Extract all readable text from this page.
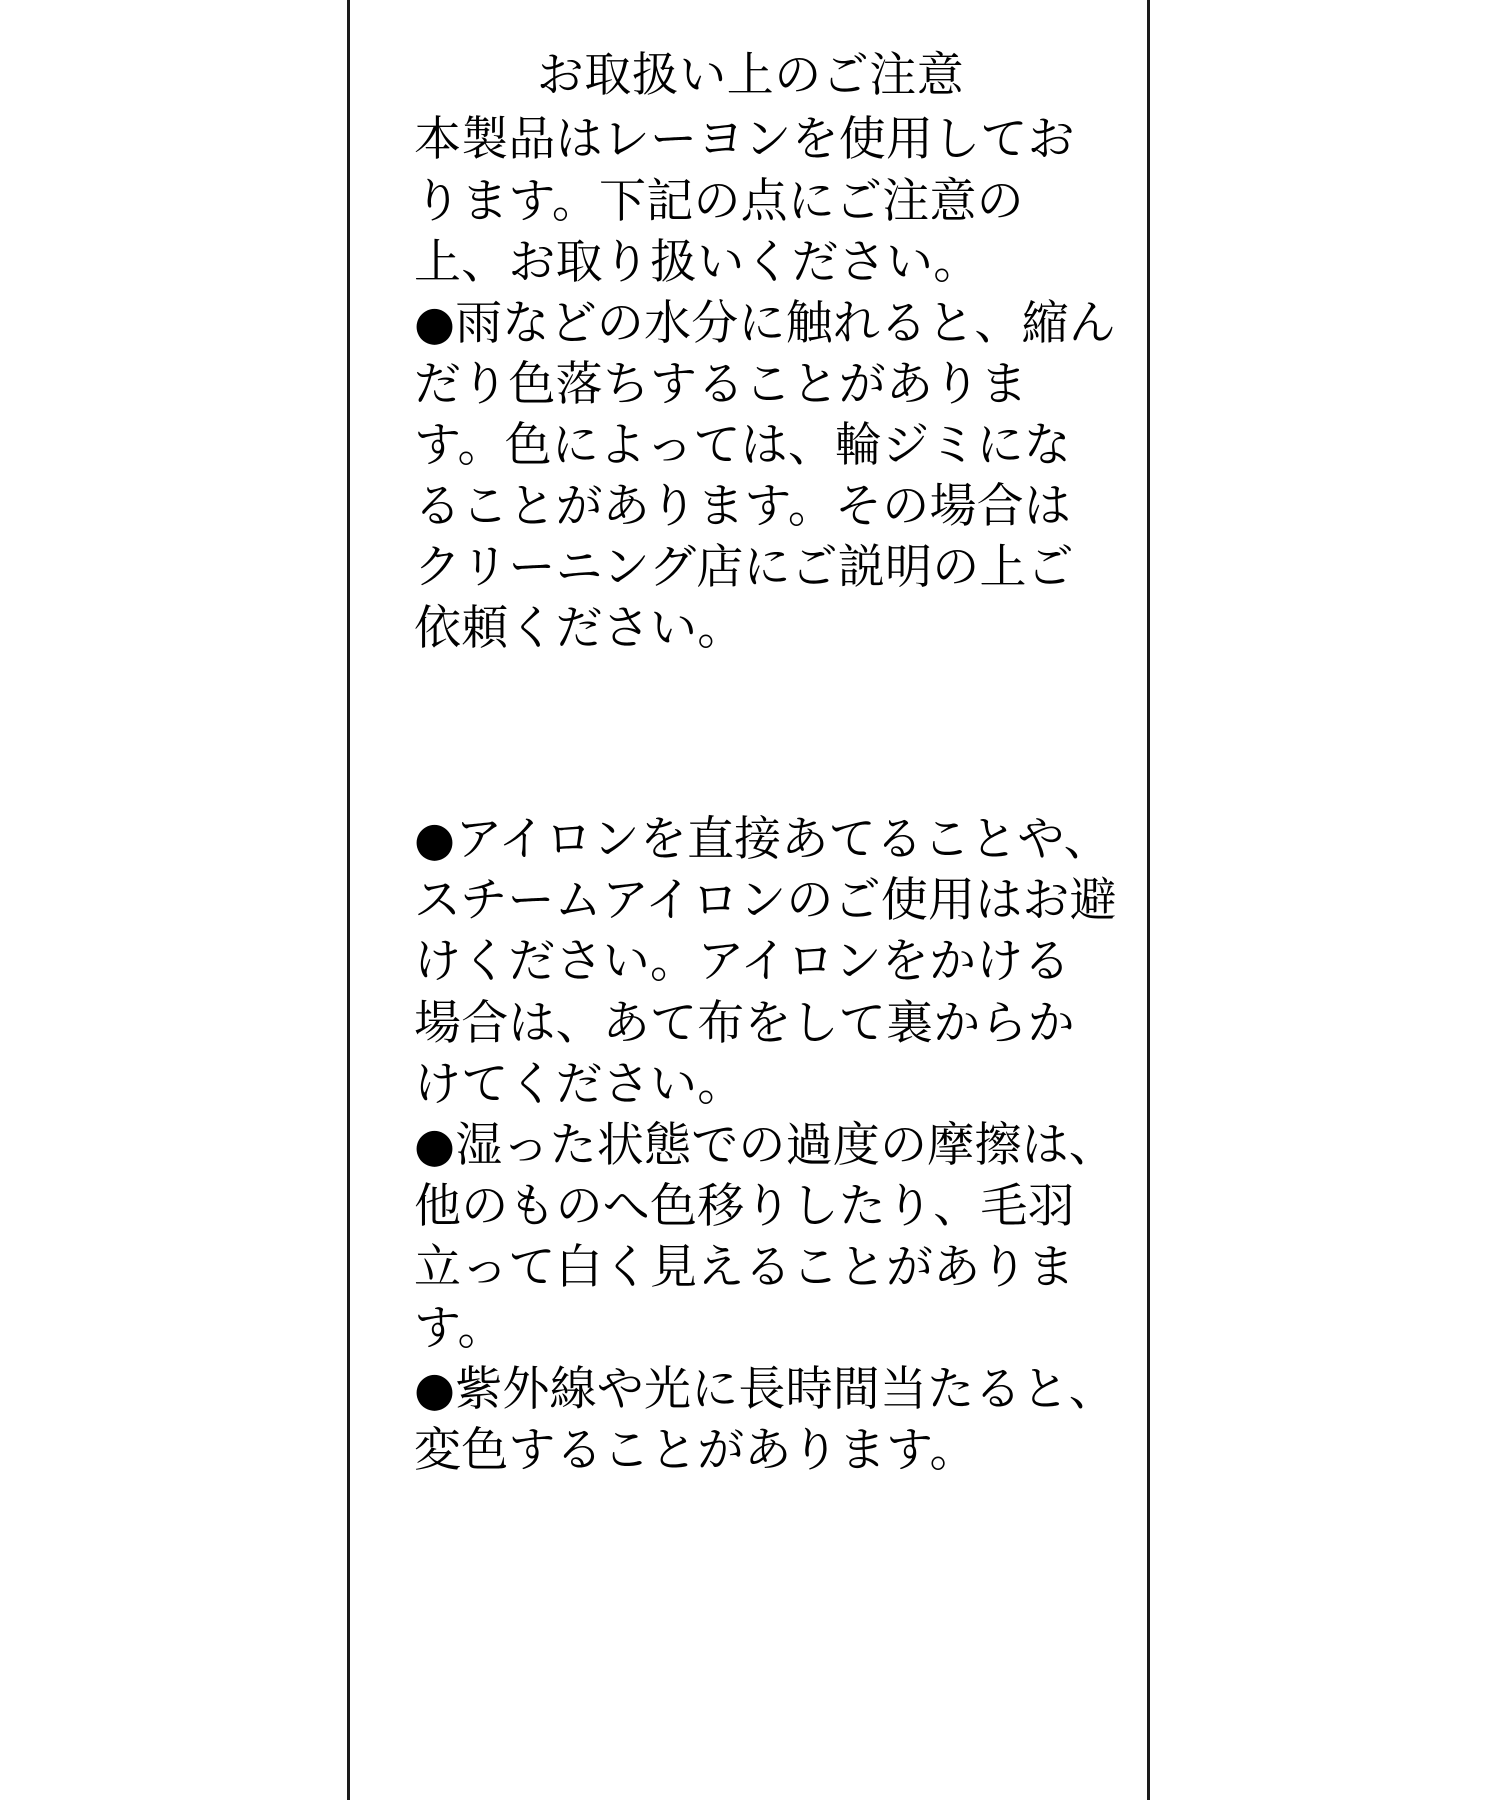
お取扱い上のご注意

本製品はレーヨンを使用しております。下記の点にご注意の上、お取り扱いください。

●雨などの水分に触れると、縮んだり色落ちすることがあります。色によっては、輪ジミになることがあります。その場合はクリーニング店にご説明の上ご依頼ください。

●アイロンを直接あてることや、スチームアイロンのご使用はお避けください。アイロンをかける場合は、あて布をして裏からかけてください。

●湿った状態での過度の摩擦は、他のものへ色移りしたり、毛羽立って白く見えることがあります。

●紫外線や光に長時間当たると、変色することがあります。
